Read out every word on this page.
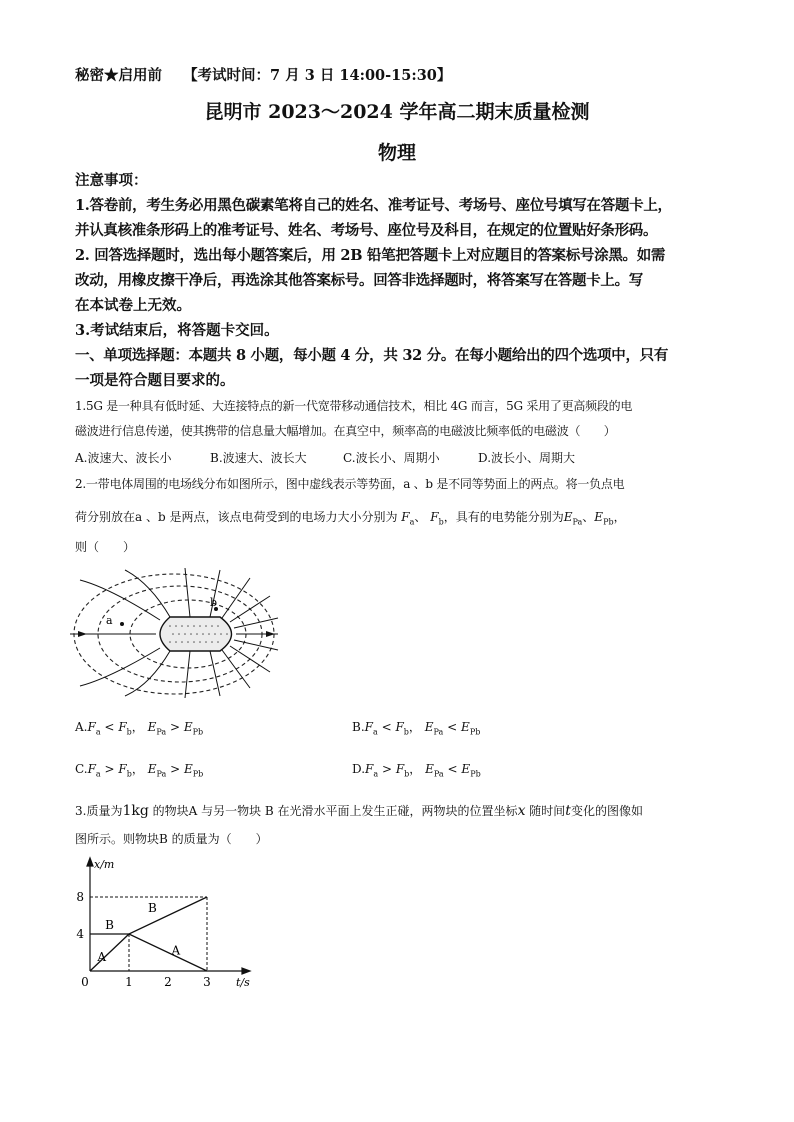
秘密★启用前 【考试时间：7 月 3 日 14:00-15:30】
昆明市 2023～2024 学年高二期末质量检测
物理
注意事项：
1.答卷前，考生务必用黑色碳素笔将自己的姓名、准考证号、考场号、座位号填写在答题卡上，
并认真核准条形码上的准考证号、姓名、考场号、座位号及科目，在规定的位置贴好条形码。
2. 回答选择题时，选出每小题答案后，用 2B 铅笔把答题卡上对应题目的答案标号涂黑。如需
改动，用橡皮擦干净后，再选涂其他答案标号。回答非选择题时，将答案写在答题卡上。写
在本试卷上无效。
3.考试结束后，将答题卡交回。
一、单项选择题：本题共 8 小题，每小题 4 分，共 32 分。在每小题给出的四个选项中，只有
一项是符合题目要求的。
1.5G 是一种具有低时延、大连接特点的新一代宽带移动通信技术，相比 4G 而言，5G 采用了更高频段的电
磁波进行信息传递，使其携带的信息量大幅增加。在真空中，频率高的电磁波比频率低的电磁波（　　）
A.波速大、波长小	B.波速大、波长大	C.波长小、周期小	D.波长小、周期大
2.一带电体周围的电场线分布如图所示，图中虚线表示等势面，a 、b 是不同等势面上的两点。将一负点电
荷分别放在a 、b 是两点，该点电荷受到的电场力大小分别为 $F_a$、 $F_b$，具有的电势能分别为$E_{Pa}$、$E_{Pb}$，
则（　　）
a
b
$A.F_a < F_b$， $E_{Pa} > E_{Pb}$	$B.F_a < F_b$， $E_{Pa} < E_{Pb}$
$C.F_a > F_b$， $E_{Pa} > E_{Pb}$	$D.F_a > F_b$， $E_{Pa} < E_{Pb}$
3.质量为1kg 的物块A 与另一物块 B 在光滑水平面上发生正碰，两物块的位置坐标x 随时间t变化的图像如
图所示。则物块B 的质量为（　　）
0	1	2	3
4
8
x/m
t/s
A
B
B
A
